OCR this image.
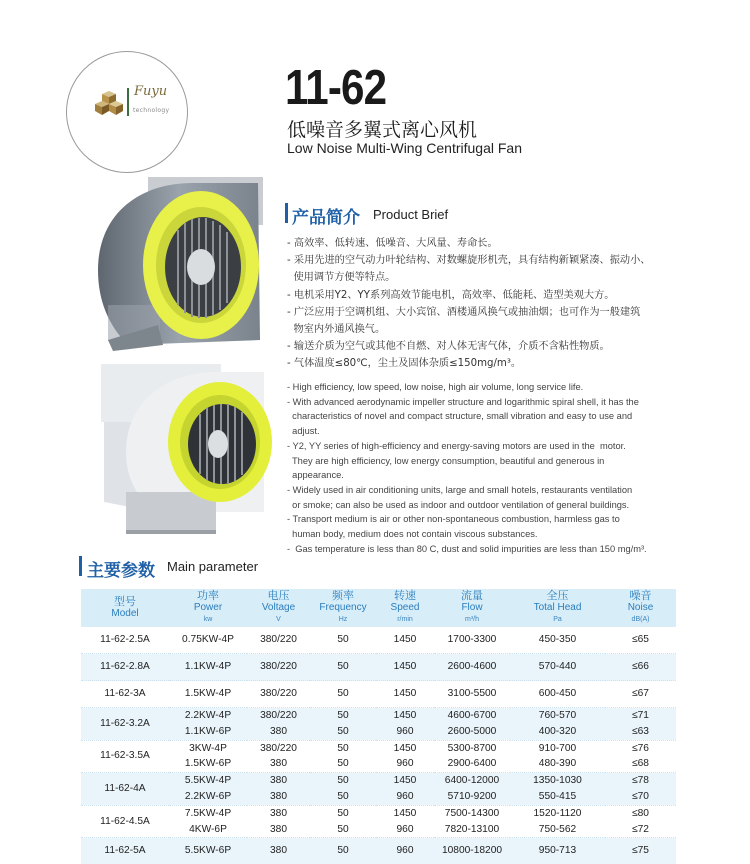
Fuyu
technology 11-62
低噪音多翼式离心风机
Low Noise Multi-Wing Centrifugal Fan
产品简介 Product Brief
- 高效率、低转速、低噪音、大风量、寿命长。
- 采用先进的空气动力叶轮结构、对数螺旋形机壳，具有结构新颖紧凑、振动小、
使用调节方便等特点。
- 电机采用Y2、YY系列高效节能电机，高效率、低能耗、造型美观大方。
- 广泛应用于空调机组、大小宾馆、酒楼通风换气或抽油烟；也可作为一般建筑
物室内外通风换气。
- 输送介质为空气或其他不自燃、对人体无害气体，介质不含粘性物质。
- 气体温度≤80℃，尘土及固体杂质≤150mg/m³。
- High efficiency, low speed, low noise, high air volume, long service life.
- With advanced aerodynamic impeller structure and logarithmic spiral shell, it has the
characteristics of novel and compact structure, small vibration and easy to use and
adjust.
- Y2, YY series of high-efficiency and energy-saving motors are used in the  motor.
They are high efficiency, low energy consumption, beautiful and generous in
appearance.
- Widely used in air conditioning units, large and small hotels, restaurants ventilation
or smoke; can also be used as indoor and outdoor ventilation of general buildings.
- Transport medium is air or other non-spontaneous combustion, harmless gas to
human body, medium does not contain viscous substances.
-  Gas temperature is less than 80 C, dust and solid impurities are less than 150 mg/m³.
主要参数 Main parameter
型号
Model	功率
Power
kw	电压
Voltage
V	频率
Frequency
Hz	转速
Speed
r/min	流量
Flow
m³/h	全压
Total Head
Pa	噪音
Noise
dB(A)

11-62-2.5A	0.75KW-4P	380/220	50	1450	1700-3300	450-350	≤65
11-62-2.8A	1.1KW-4P	380/220	50	1450	2600-4600	570-440	≤66
11-62-3A	1.5KW-4P	380/220	50	1450	3100-5500	600-450	≤67
11-62-3.2A	2.2KW-4P	380/220	50	1450	4600-6700	760-570	≤71
	1.1KW-6P	380	50	960	2600-5000	400-320	≤63
11-62-3.5A	3KW-4P	380/220	50	1450	5300-8700	910-700	≤76
	1.5KW-6P	380	50	960	2900-6400	480-390	≤68
11-62-4A	5.5KW-4P	380	50	1450	6400-12000	1350-1030	≤78
	2.2KW-6P	380	50	960	5710-9200	550-415	≤70
11-62-4.5A	7.5KW-4P	380	50	1450	7500-14300	1520-1120	≤80
	4KW-6P	380	50	960	7820-13100	750-562	≤72
11-62-5A	5.5KW-6P	380	50	960	10800-18200	950-713	≤75
